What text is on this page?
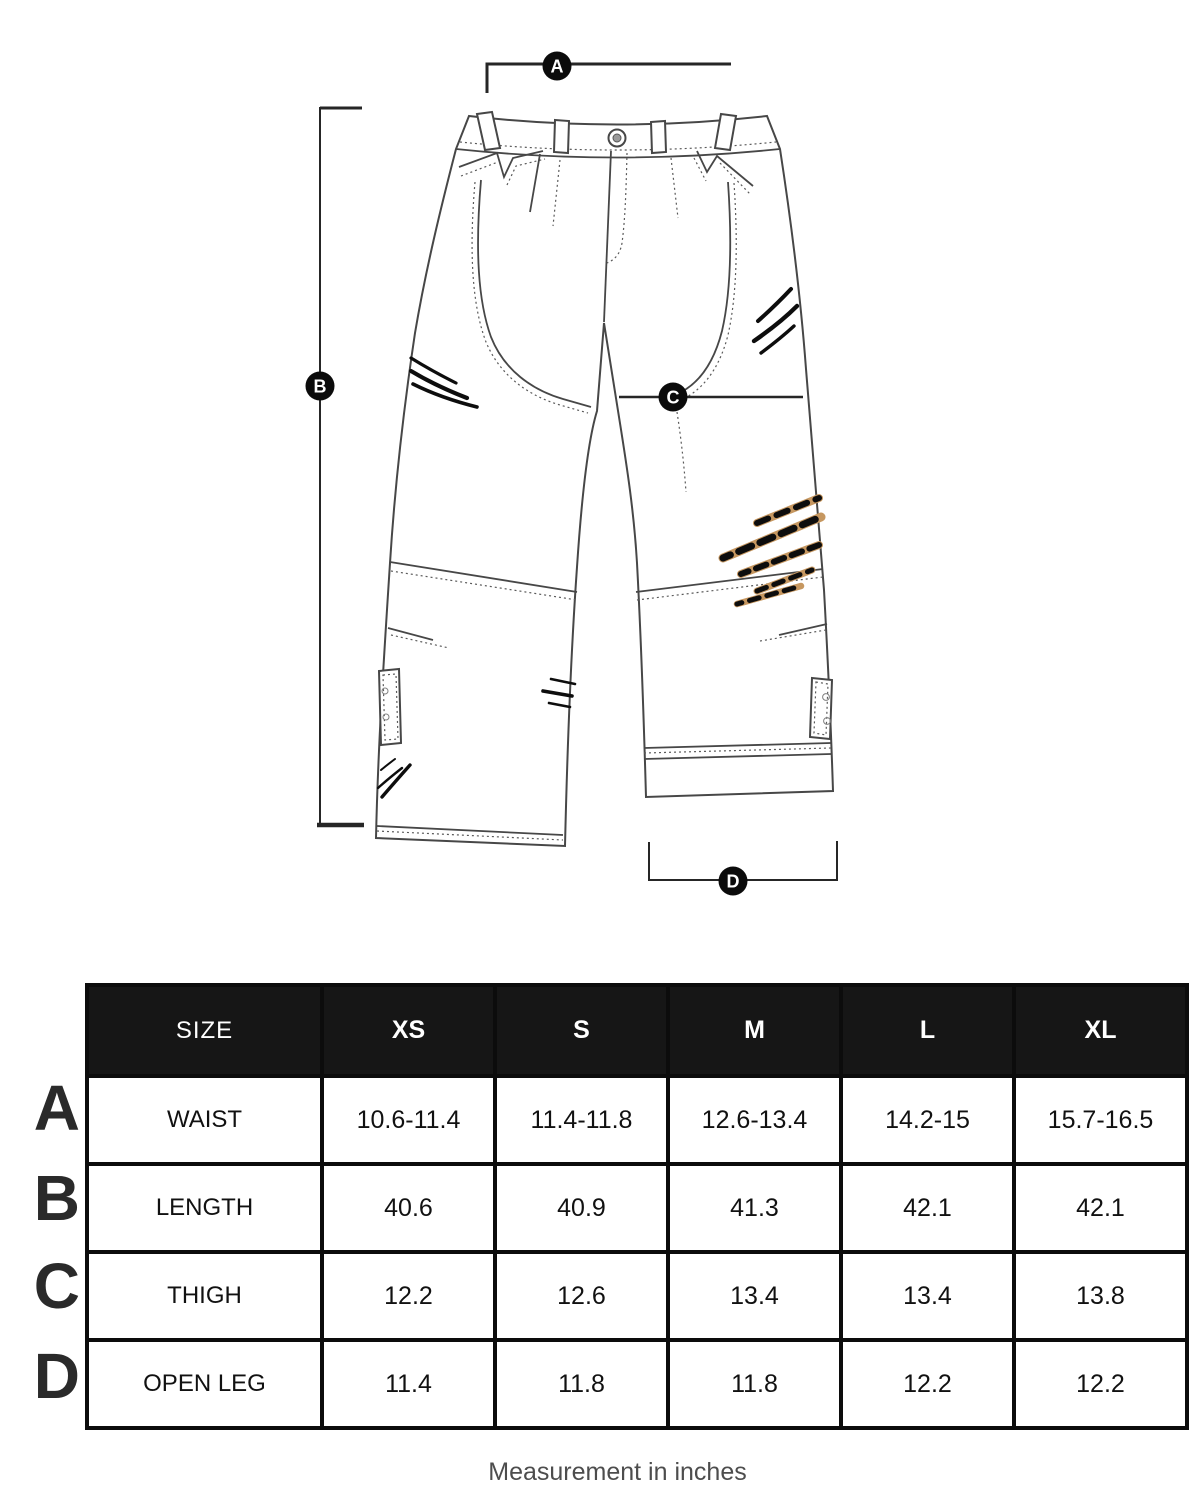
A
B
C
D
A
B
C
D
SIZE	XS	S	M	L	XL
WAIST	10.6-11.4	11.4-11.8	12.6-13.4	14.2-15	15.7-16.5
LENGTH	40.6	40.9	41.3	42.1	42.1
THIGH	12.2	12.6	13.4	13.4	13.8
OPEN LEG	11.4	11.8	11.8	12.2	12.2
Measurement in inches
